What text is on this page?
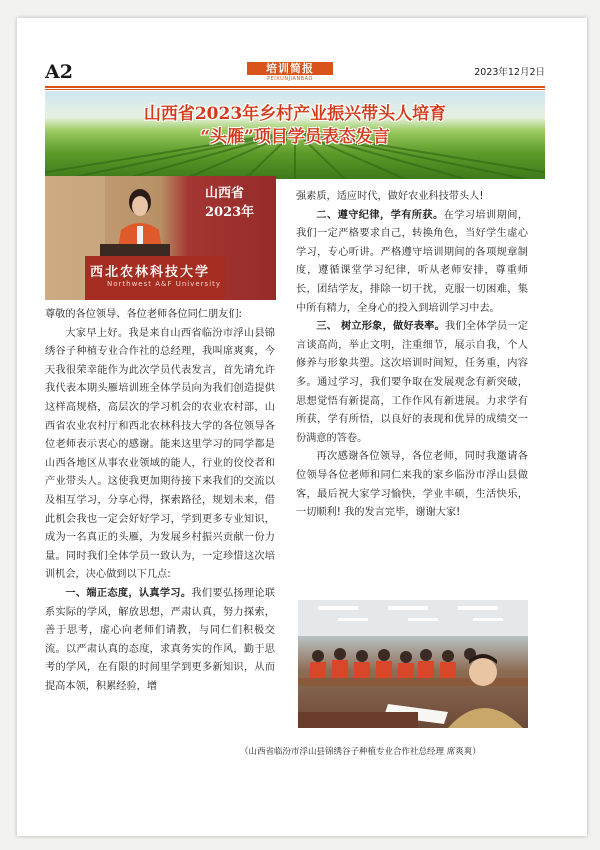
A2	培训简报
PEIXUNJIANBAO
2023年12月2日
山西省2023年乡村产业振兴带头人培育
“头雁”项目学员表态发言
山西省2023年
西北农林科技大学
Northwest A&F University

尊敬的各位领导、各位老师各位同仁朋友们:

大家早上好。我是来自山西省临汾市浮山县锦绣谷子种植专业合作社的总经理，我叫席爽爽，今天我很荣幸能作为此次学员代表发言，首先请允许我代表本期头雁培训班全体学员向为我们创造提供这样高规格，高层次的学习机会的农业农村部，山西省农业农村厅和西北农林科技大学的各位领导各位老师表示衷心的感谢。能来这里学习的同学都是山西各地区从事农业领域的能人，行业的佼佼者和产业带头人。这使我更加期待接下来我们的交流以及相互学习，分享心得，探索路径，规划未来，借此机会我也一定会好好学习，学到更多专业知识，成为一名真正的头雁，为发展乡村振兴贡献一份力量。同时我们全体学员一致认为，一定珍惜这次培训机会，决心做到以下几点:

一、端正态度，认真学习。我们要弘扬理论联系实际的学风，解放思想，严肃认真，努力探索，善于思考，虚心向老师们请教，与同仁们积极交流。以严肃认真的态度，求真务实的作风，勤于思考的学风，在有限的时间里学到更多新知识，从而提高本领，积累经验，增

强素质，适应时代，做好农业科技带头人!

二、遵守纪律，学有所获。在学习培训期间，我们一定严格要求自己，转换角色，当好学生虚心学习，专心听讲。严格遵守培训期间的各项规章制度，遵循课堂学习纪律，听从老师安排，尊重师长，团结学友，排除一切干扰，克服一切困难，集中所有精力，全身心的投入到培训学习中去。

三、 树立形象，做好表率。我们全体学员一定言谈高尚，举止文明，注重细节，展示自我，个人修养与形象共塑。这次培训时间短，任务重，内容多。通过学习，我们要争取在发展观念有新突破，思想觉悟有新提高，工作作风有新进展。力求学有所获，学有所悟，以良好的表现和优异的成绩交一份满意的答卷。

再次感谢各位领导，各位老师，同时我邀请各位领导各位老师和同仁来我的家乡临汾市浮山县做客，最后祝大家学习愉快，学业丰硕，生活快乐，一切顺利! 我的发言完毕，谢谢大家!

（山西省临汾市浮山县锦绣谷子种植专业合作社总经理 席爽爽）
